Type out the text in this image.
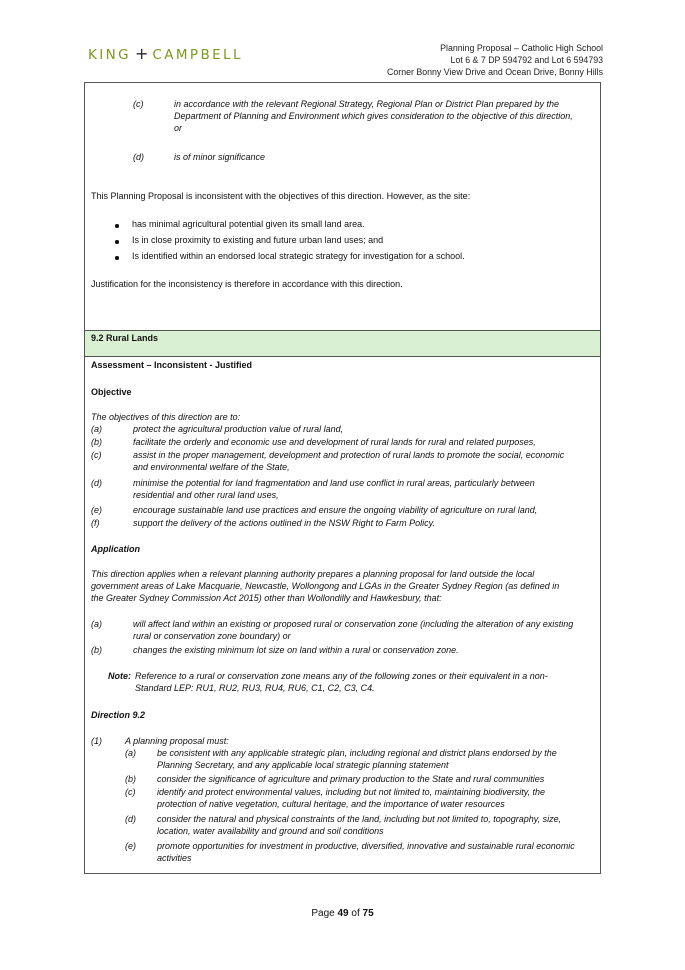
KING + CAMPBELL	Planning Proposal – Catholic High School
Lot 6 & 7 DP 594792 and Lot 6 594793
Corner Bonny View Drive and Ocean Drive, Bonny Hills
(c)	in accordance with the relevant Regional Strategy, Regional Plan or District Plan prepared by the
Department of Planning and Environment which gives consideration to the objective of this direction,
or
(d)	is of minor significance
This Planning Proposal is inconsistent with the objectives of this direction. However, as the site:
has minimal agricultural potential given its small land area.
Is in close proximity to existing and future urban land uses; and
Is identified within an endorsed local strategic strategy for investigation for a school.
Justification for the inconsistency is therefore in accordance with this direction.
9.2 Rural Lands
Assessment – Inconsistent - Justified
Objective
The objectives of this direction are to:
(a)	protect the agricultural production value of rural land,
(b)	facilitate the orderly and economic use and development of rural lands for rural and related purposes,
(c)	assist in the proper management, development and protection of rural lands to promote the social, economic
and environmental welfare of the State,
(d)	minimise the potential for land fragmentation and land use conflict in rural areas, particularly between
residential and other rural land uses,
(e)	encourage sustainable land use practices and ensure the ongoing viability of agriculture on rural land,
(f)	support the delivery of the actions outlined in the NSW Right to Farm Policy.
Application
This direction applies when a relevant planning authority prepares a planning proposal for land outside the local
government areas of Lake Macquarie, Newcastle, Wollongong and LGAs in the Greater Sydney Region (as defined in
the Greater Sydney Commission Act 2015) other than Wollondilly and Hawkesbury, that:
(a)	will affect land within an existing or proposed rural or conservation zone (including the alteration of any existing
rural or conservation zone boundary) or
(b)	changes the existing minimum lot size on land within a rural or conservation zone.
Note: Reference to a rural or conservation zone means any of the following zones or their equivalent in a non-
Standard LEP: RU1, RU2, RU3, RU4, RU6, C1, C2, C3, C4.
Direction 9.2
(1)	A planning proposal must:
(a) be consistent with any applicable strategic plan, including regional and district plans endorsed by the
Planning Secretary, and any applicable local strategic planning statement
(b) consider the significance of agriculture and primary production to the State and rural communities
(c) identify and protect environmental values, including but not limited to, maintaining biodiversity, the
protection of native vegetation, cultural heritage, and the importance of water resources
(d) consider the natural and physical constraints of the land, including but not limited to, topography, size,
location, water availability and ground and soil conditions
(e) promote opportunities for investment in productive, diversified, innovative and sustainable rural economic
activities
Page 49 of 75
